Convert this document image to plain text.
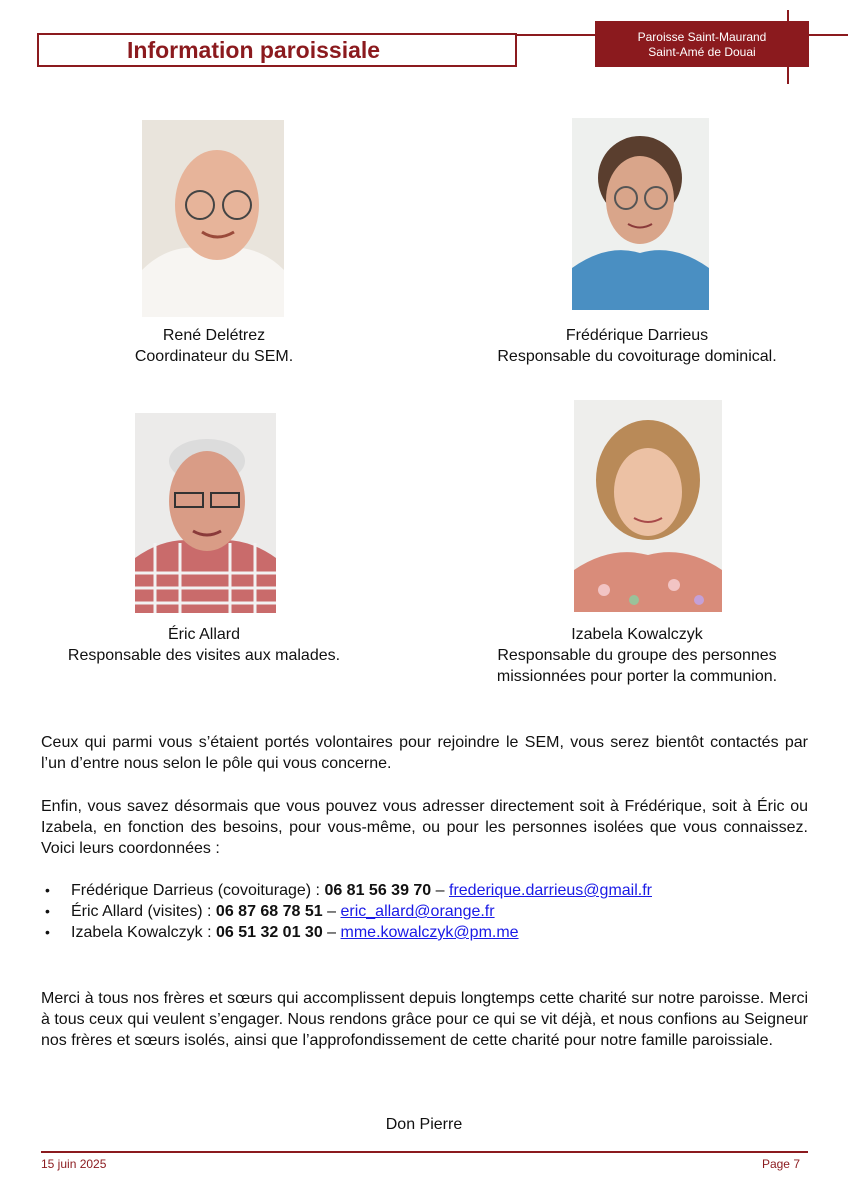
Information paroissiale	Paroisse Saint-Maurand
Saint-Amé de Douai
René Delétrez
Coordinateur du SEM.
Frédérique Darrieus
Responsable du covoiturage dominical.
Éric Allard
Responsable des visites aux malades.
Izabela Kowalczyk
Responsable du groupe des personnes
missionnées pour porter la communion.
Ceux qui parmi vous s’étaient portés volontaires pour rejoindre le SEM, vous serez bientôt contactés par l’un d’entre nous selon le pôle qui vous concerne.
Enfin, vous savez désormais que vous pouvez vous adresser directement soit à Frédérique, soit à Éric ou Izabela, en fonction des besoins, pour vous-même, ou pour les personnes isolées que vous connaissez. Voici leurs coordonnées :
• Frédérique Darrieus (covoiturage) : 06 81 56 39 70 – frederique.darrieus@gmail.fr
• Éric Allard (visites) : 06 87 68 78 51 – eric_allard@orange.fr
• Izabela Kowalczyk : 06 51 32 01 30 – mme.kowalczyk@pm.me
Merci à tous nos frères et sœurs qui accomplissent depuis longtemps cette charité sur notre paroisse. Merci à tous ceux qui veulent s’engager. Nous rendons grâce pour ce qui se vit déjà, et nous confions au Seigneur nos frères et sœurs isolés, ainsi que l’approfondissement de cette charité pour notre famille paroissiale.
Don Pierre
15 juin 2025	Page 7
